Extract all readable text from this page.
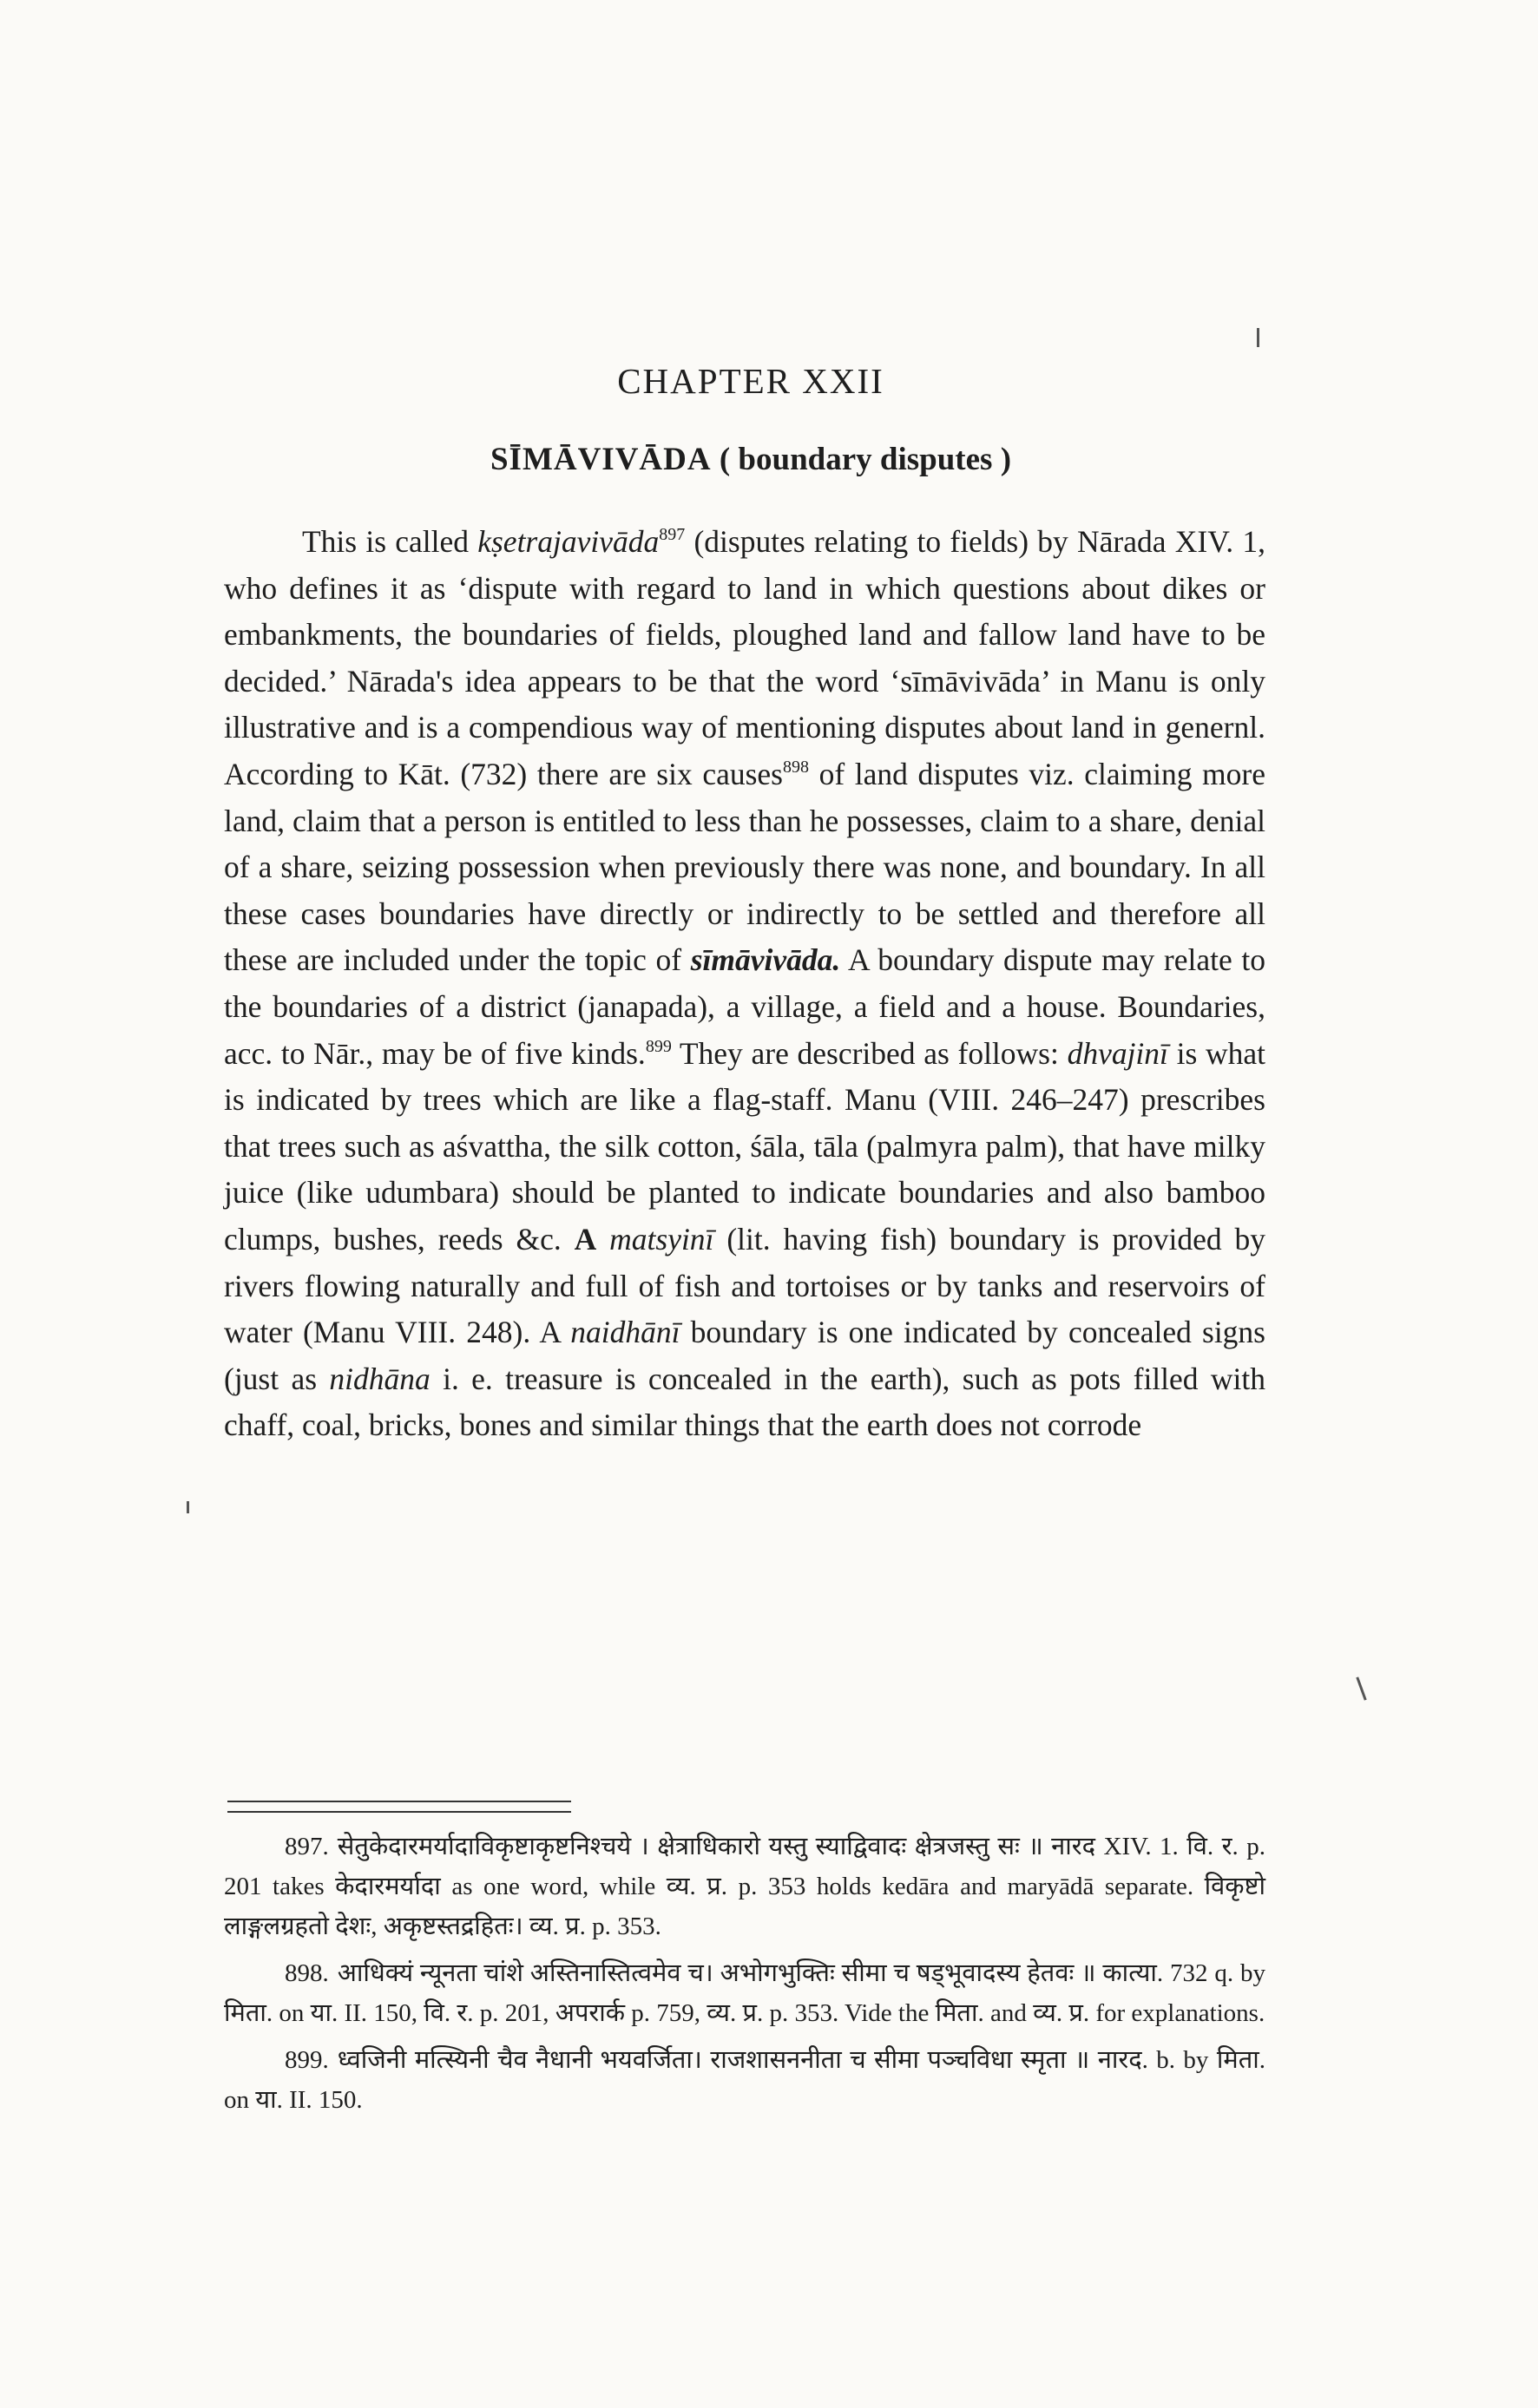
CHAPTER XXII
SĪMĀVIVĀDA ( boundary disputes )

This is called kṣetrajavivāda$^{897}$ (disputes relating to fields) by Nārada XIV. 1, who defines it as ‘dispute with regard to land in which questions about dikes or embankments, the boundaries of fields, ploughed land and fallow land have to be decided.’ Nārada's idea appears to be that the word ‘sīmāvivāda’ in Manu is only illustrative and is a compendious way of mentioning disputes about land in genernl. According to Kāt. (732) there are six causes$^{898}$ of land disputes viz. claiming more land, claim that a person is entitled to less than he possesses, claim to a share, denial of a share, seizing possession when previously there was none, and boundary. In all these cases boundaries have directly or indirectly to be settled and therefore all these are included under the topic of sīmāvivāda. A boundary dispute may relate to the boundaries of a district (janapada), a village, a field and a house. Boundaries, acc. to Nār., may be of five kinds.$^{899}$ They are described as follows: dhvajinī is what is indicated by trees which are like a flag-staff. Manu (VIII. 246–247) prescribes that trees such as aśvattha, the silk cotton, śāla, tāla (palmyra palm), that have milky juice (like udumbara) should be planted to indicate boundaries and also bamboo clumps, bushes, reeds &c. A matsyinī (lit. having fish) boundary is provided by rivers flowing naturally and full of fish and tortoises or by tanks and reservoirs of water (Manu VIII. 248). A naidhānī boundary is one indicated by concealed signs (just as nidhāna i. e. treasure is concealed in the earth), such as pots filled with chaff, coal, bricks, bones and similar things that the earth does not corrode

897. सेतुकेदारमर्यादाविकृष्टाकृष्टनिश्चये । क्षेत्राधिकारो यस्तु स्याद्विवादः क्षेत्रजस्तु सः ॥ नारद XIV. 1. वि. र. p. 201 takes केदारमर्यादा as one word, while व्य. प्र. p. 353 holds kedāra and maryādā separate. विकृष्टो लाङ्गलग्रहतो देशः, अकृष्टस्तद्रहितः। व्य. प्र. p. 353.

898. आधिक्यं न्यूनता चांशे अस्तिनास्तित्वमेव च। अभोगभुक्तिः सीमा च षड्भूवादस्य हेतवः ॥ कात्या. 732 q. by मिता. on या. II. 150, वि. र. p. 201, अपरार्क p. 759, व्य. प्र. p. 353. Vide the मिता. and व्य. प्र. for explanations.

899. ध्वजिनी मत्स्यिनी चैव नैधानी भयवर्जिता। राजशासननीता च सीमा पञ्चविधा स्मृता ॥ नारद. b. by मिता. on या. II. 150.
